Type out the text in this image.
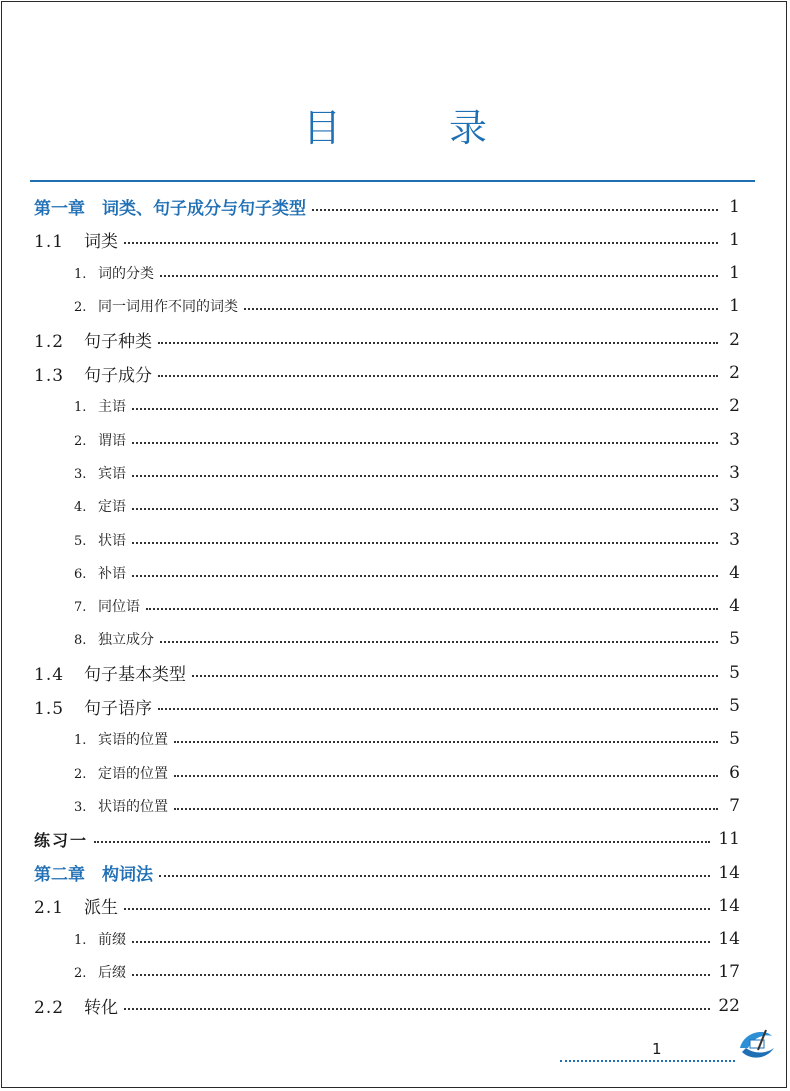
目 录
第一章　词类、句子成分与句子类型	1
1.1 词类	1
1. 词的分类	1
2. 同一词用作不同的词类	1
1.2 句子种类	2
1.3 句子成分	2
1. 主语	2
2. 谓语	3
3. 宾语	3
4. 定语	3
5. 状语	3
6. 补语	4
7. 同位语	4
8. 独立成分	5
1.4 句子基本类型	5
1.5 句子语序	5
1. 宾语的位置	5
2. 定语的位置	6
3. 状语的位置	7
练习一	11
第二章　构词法	14
2.1 派生	14
1. 前缀	14
2. 后缀	17
2.2 转化	22
1
